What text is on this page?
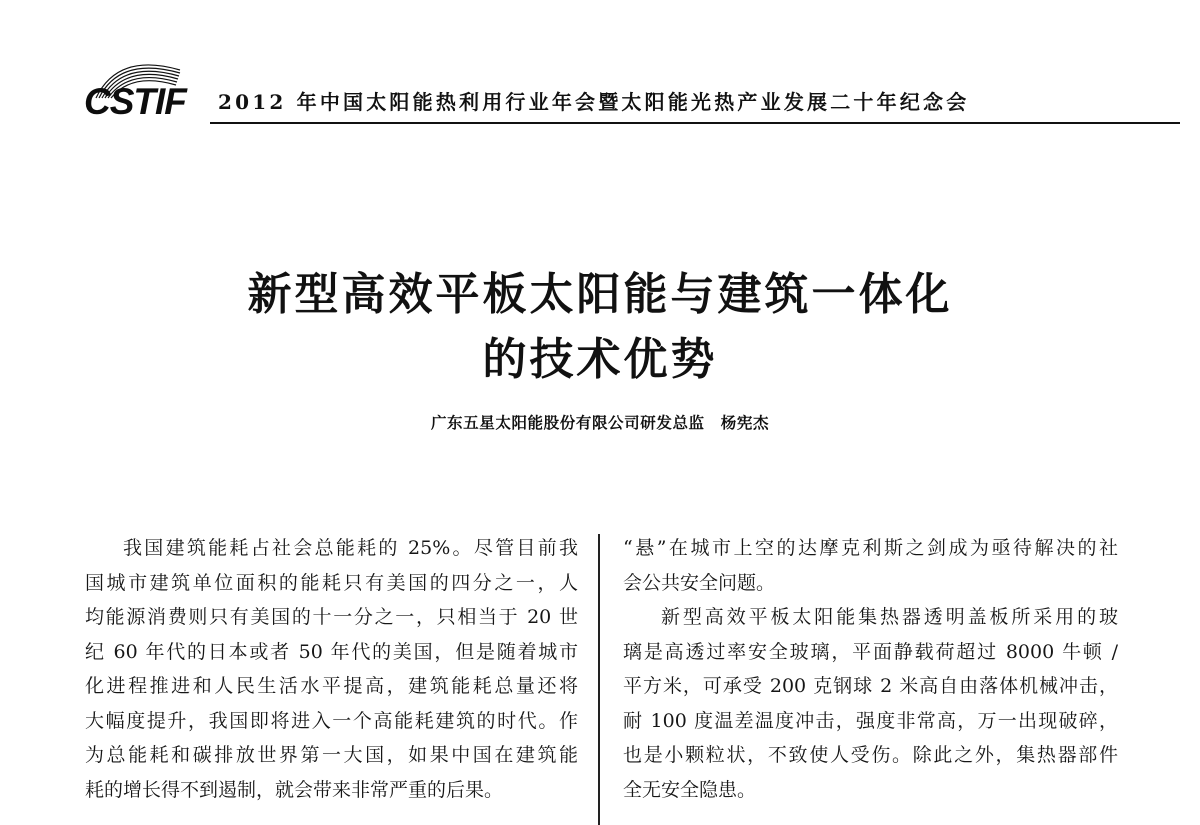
CSTIF 2012 年中国太阳能热利用行业年会暨太阳能光热产业发展二十年纪念会
新型高效平板太阳能与建筑一体化
的技术优势
广东五星太阳能股份有限公司研发总监　杨宪杰
我国建筑能耗占社会总能耗的 25%。尽管目前我
国城市建筑单位面积的能耗只有美国的四分之一，人
均能源消费则只有美国的十一分之一，只相当于 20 世
纪 60 年代的日本或者 50 年代的美国，但是随着城市
化进程推进和人民生活水平提高，建筑能耗总量还将
大幅度提升，我国即将进入一个高能耗建筑的时代。作
为总能耗和碳排放世界第一大国，如果中国在建筑能
耗的增长得不到遏制，就会带来非常严重的后果。
“悬”在城市上空的达摩克利斯之剑成为亟待解决的社
会公共安全问题。
新型高效平板太阳能集热器透明盖板所采用的玻
璃是高透过率安全玻璃，平面静载荷超过 8000 牛顿 /
平方米，可承受 200 克钢球 2 米高自由落体机械冲击，
耐 100 度温差温度冲击，强度非常高，万一出现破碎，
也是小颗粒状，不致使人受伤。除此之外，集热器部件
全无安全隐患。
